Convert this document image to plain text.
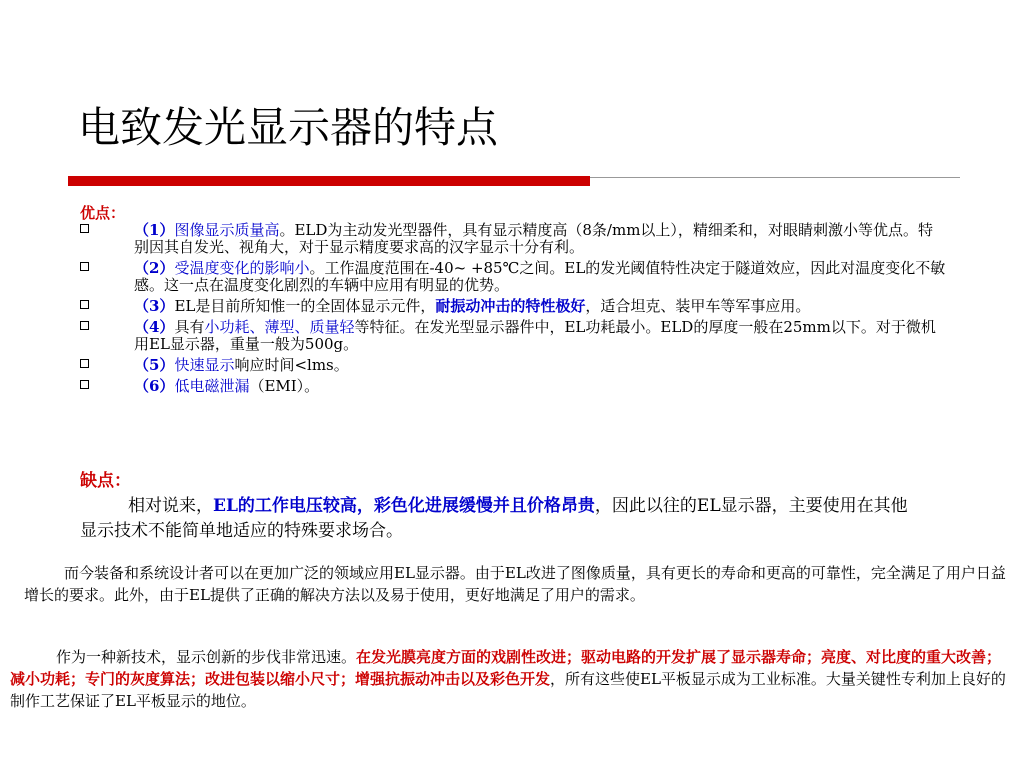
电致发光显示器的特点
优点：
（1）图像显示质量高。ELD为主动发光型器件，具有显示精度高（8条/mm以上），精细柔和，对眼睛刺激小等优点。特别因其自发光、视角大，对于显示精度要求高的汉字显示十分有利。
（2）受温度变化的影响小。工作温度范围在-40~ +85℃之间。EL的发光阈值特性决定于隧道效应，因此对温度变化不敏感。这一点在温度变化剧烈的车辆中应用有明显的优势。
（3）EL是目前所知惟一的全固体显示元件，耐振动冲击的特性极好，适合坦克、装甲车等军事应用。
（4）具有小功耗、薄型、质量轻等特征。在发光型显示器件中，EL功耗最小。ELD的厚度一般在25mm以下。对于微机用EL显示器，重量一般为500g。
（5）快速显示响应时间<lms。
（6）低电磁泄漏（EMI）。
缺点：
相对说来，EL的工作电压较高，彩色化进展缓慢并且价格昂贵，因此以往的EL显示器，主要使用在其他显示技术不能简单地适应的特殊要求场合。
而今装备和系统设计者可以在更加广泛的领域应用EL显示器。由于EL改进了图像质量，具有更长的寿命和更高的可靠性，完全满足了用户日益增长的要求。此外，由于EL提供了正确的解决方法以及易于使用，更好地满足了用户的需求。
作为一种新技术，显示创新的步伐非常迅速。在发光膜亮度方面的戏剧性改进；驱动电路的开发扩展了显示器寿命；亮度、对比度的重大改善；减小功耗；专门的灰度算法；改进包装以缩小尺寸；增强抗振动冲击以及彩色开发，所有这些使EL平板显示成为工业标准。大量关键性专利加上良好的制作工艺保证了EL平板显示的地位。
